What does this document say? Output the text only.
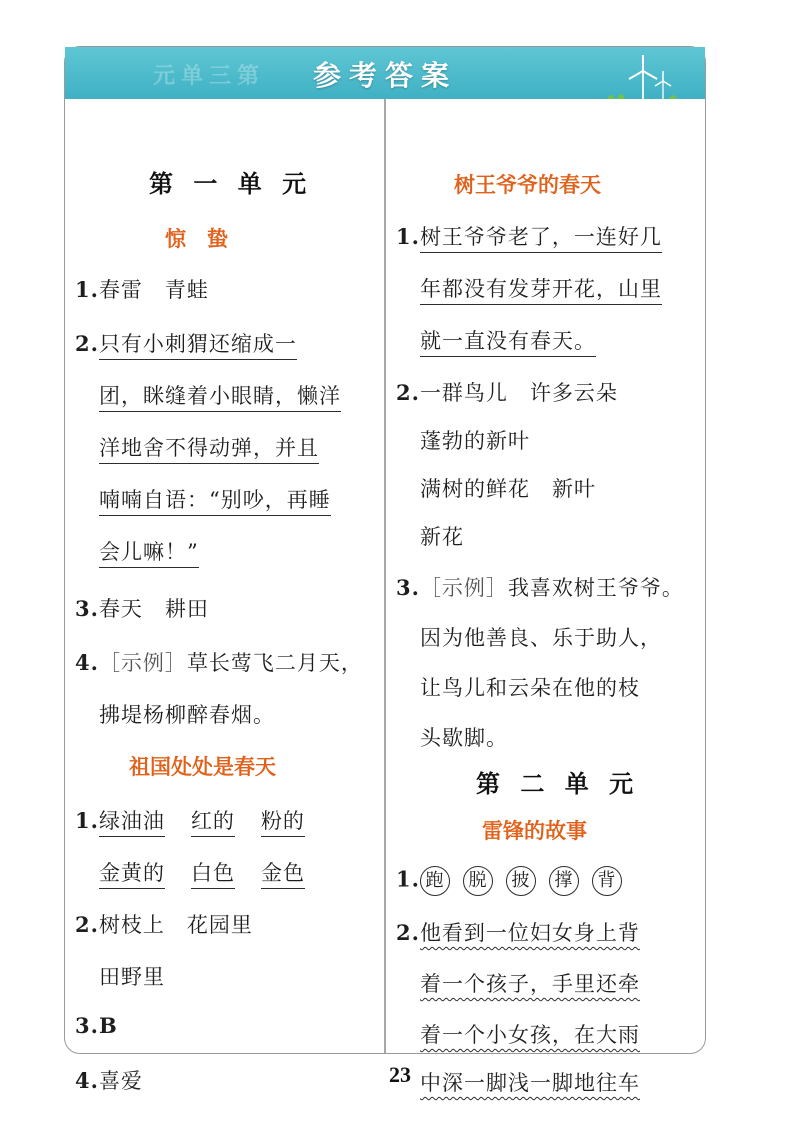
元单三第	参考答案
第 一 单 元
惊　蛰
1.春雷　青蛙
2.只有小刺猬还缩成一
团，眯缝着小眼睛，懒洋
洋地舍不得动弹，并且
喃喃自语：“别吵，再睡
会儿嘛！”
3.春天　耕田
4.［示例］草长莺飞二月天，
拂堤杨柳醉春烟。
祖国处处是春天
1.绿油油 红的 粉的
金黄的 白色 金色
2.树枝上　花园里
田野里
3.B
4.喜爱
树王爷爷的春天
1.树王爷爷老了，一连好几
年都没有发芽开花，山里
就一直没有春天。
2.一群鸟儿　许多云朵
蓬勃的新叶
满树的鲜花　新叶
新花
3.［示例］我喜欢树王爷爷。
因为他善良、乐于助人，
让鸟儿和云朵在他的枝
头歇脚。
第 二 单 元
雷锋的故事
1. 跑 脱 披 撑 背
2.他看到一位妇女身上背
着一个孩子，手里还牵
着一个小女孩，在大雨
中深一脚浅一脚地往车
23
